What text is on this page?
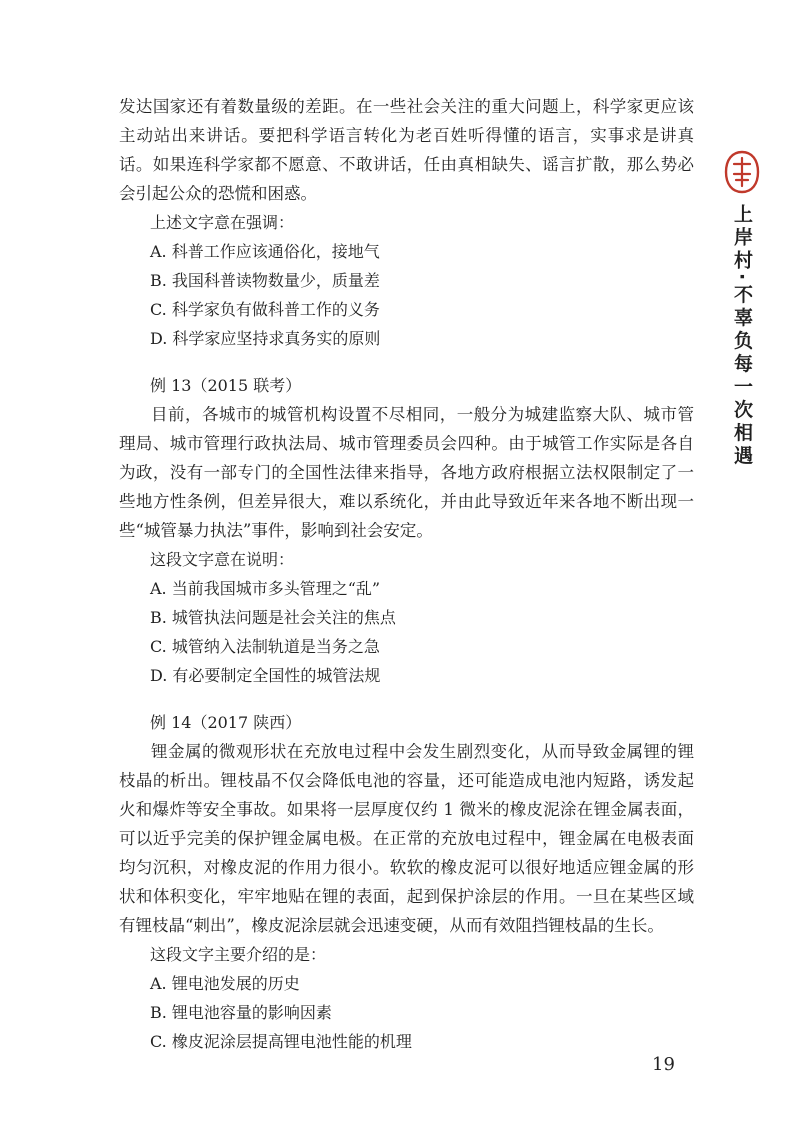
上岸村·不辜负每一次相遇

发达国家还有着数量级的差距。在一些社会关注的重大问题上，科学家更应该主动站出来讲话。要把科学语言转化为老百姓听得懂的语言，实事求是讲真话。如果连科学家都不愿意、不敢讲话，任由真相缺失、谣言扩散，那么势必会引起公众的恐慌和困惑。

上述文字意在强调：

A. 科普工作应该通俗化，接地气

B. 我国科普读物数量少，质量差

C. 科学家负有做科普工作的义务

D. 科学家应坚持求真务实的原则

例 13（2015 联考）

目前，各城市的城管机构设置不尽相同，一般分为城建监察大队、城市管理局、城市管理行政执法局、城市管理委员会四种。由于城管工作实际是各自为政，没有一部专门的全国性法律来指导，各地方政府根据立法权限制定了一些地方性条例，但差异很大，难以系统化，并由此导致近年来各地不断出现一些“城管暴力执法”事件，影响到社会安定。

这段文字意在说明：

A. 当前我国城市多头管理之“乱”

B. 城管执法问题是社会关注的焦点

C. 城管纳入法制轨道是当务之急

D. 有必要制定全国性的城管法规

例 14（2017 陕西）

锂金属的微观形状在充放电过程中会发生剧烈变化，从而导致金属锂的锂枝晶的析出。锂枝晶不仅会降低电池的容量，还可能造成电池内短路，诱发起火和爆炸等安全事故。如果将一层厚度仅约 1 微米的橡皮泥涂在锂金属表面，可以近乎完美的保护锂金属电极。在正常的充放电过程中，锂金属在电极表面均匀沉积，对橡皮泥的作用力很小。软软的橡皮泥可以很好地适应锂金属的形状和体积变化，牢牢地贴在锂的表面，起到保护涂层的作用。一旦在某些区域有锂枝晶“刺出”，橡皮泥涂层就会迅速变硬，从而有效阻挡锂枝晶的生长。

这段文字主要介绍的是：

A. 锂电池发展的历史

B. 锂电池容量的影响因素

C. 橡皮泥涂层提高锂电池性能的机理

19
